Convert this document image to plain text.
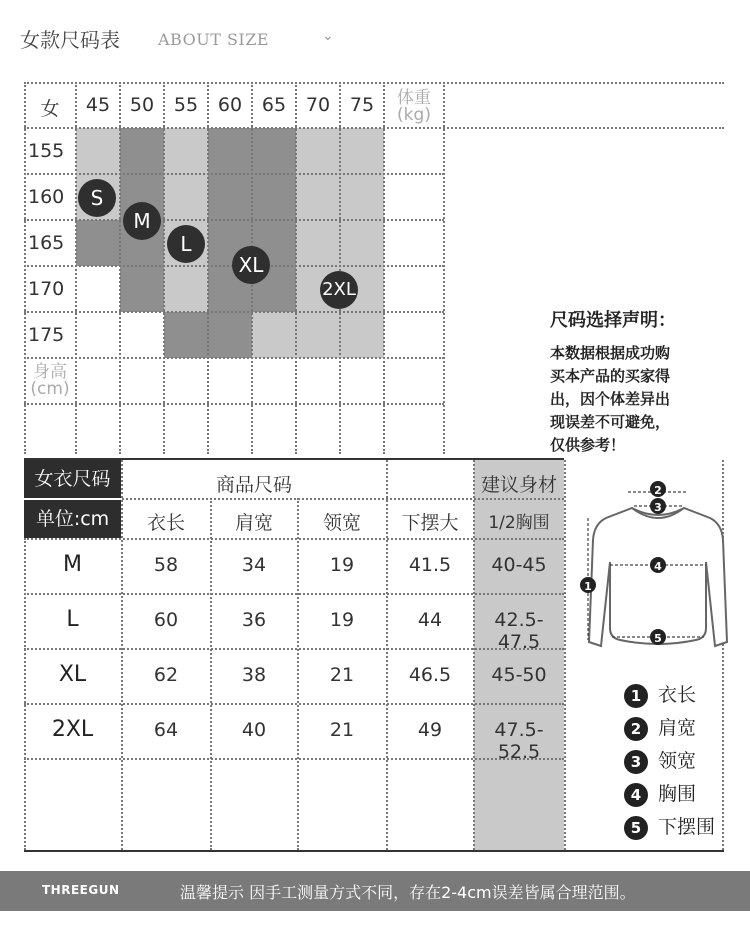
女款尺码表 ABOUT SIZE	⌄
女	45	50	55	60	65	70	75	体重
(kg)
155
160
165
170
175
身高
(cm)
S
M
L
XL
2XL
尺码选择声明：
本数据根据成功购
买本产品的买家得
出，因个体差异出
现误差不可避免，
仅供参考！
女衣尺码
单位:cm
商品尺码	建议身材
衣长	肩宽	领宽	下摆大	1/2胸围
M	58	34	19	41.5	40-45
L	60	36	19	44	42.5-47.5
XL	62	38	21	46.5	45-50
2XL	64	40	21	49	47.5-52.5
2
3
1
4
5
1 衣长
2 肩宽
3 领宽
4 胸围
5 下摆围
THREEGUN	温馨提示 因手工测量方式不同，存在2-4cm误差皆属合理范围。
